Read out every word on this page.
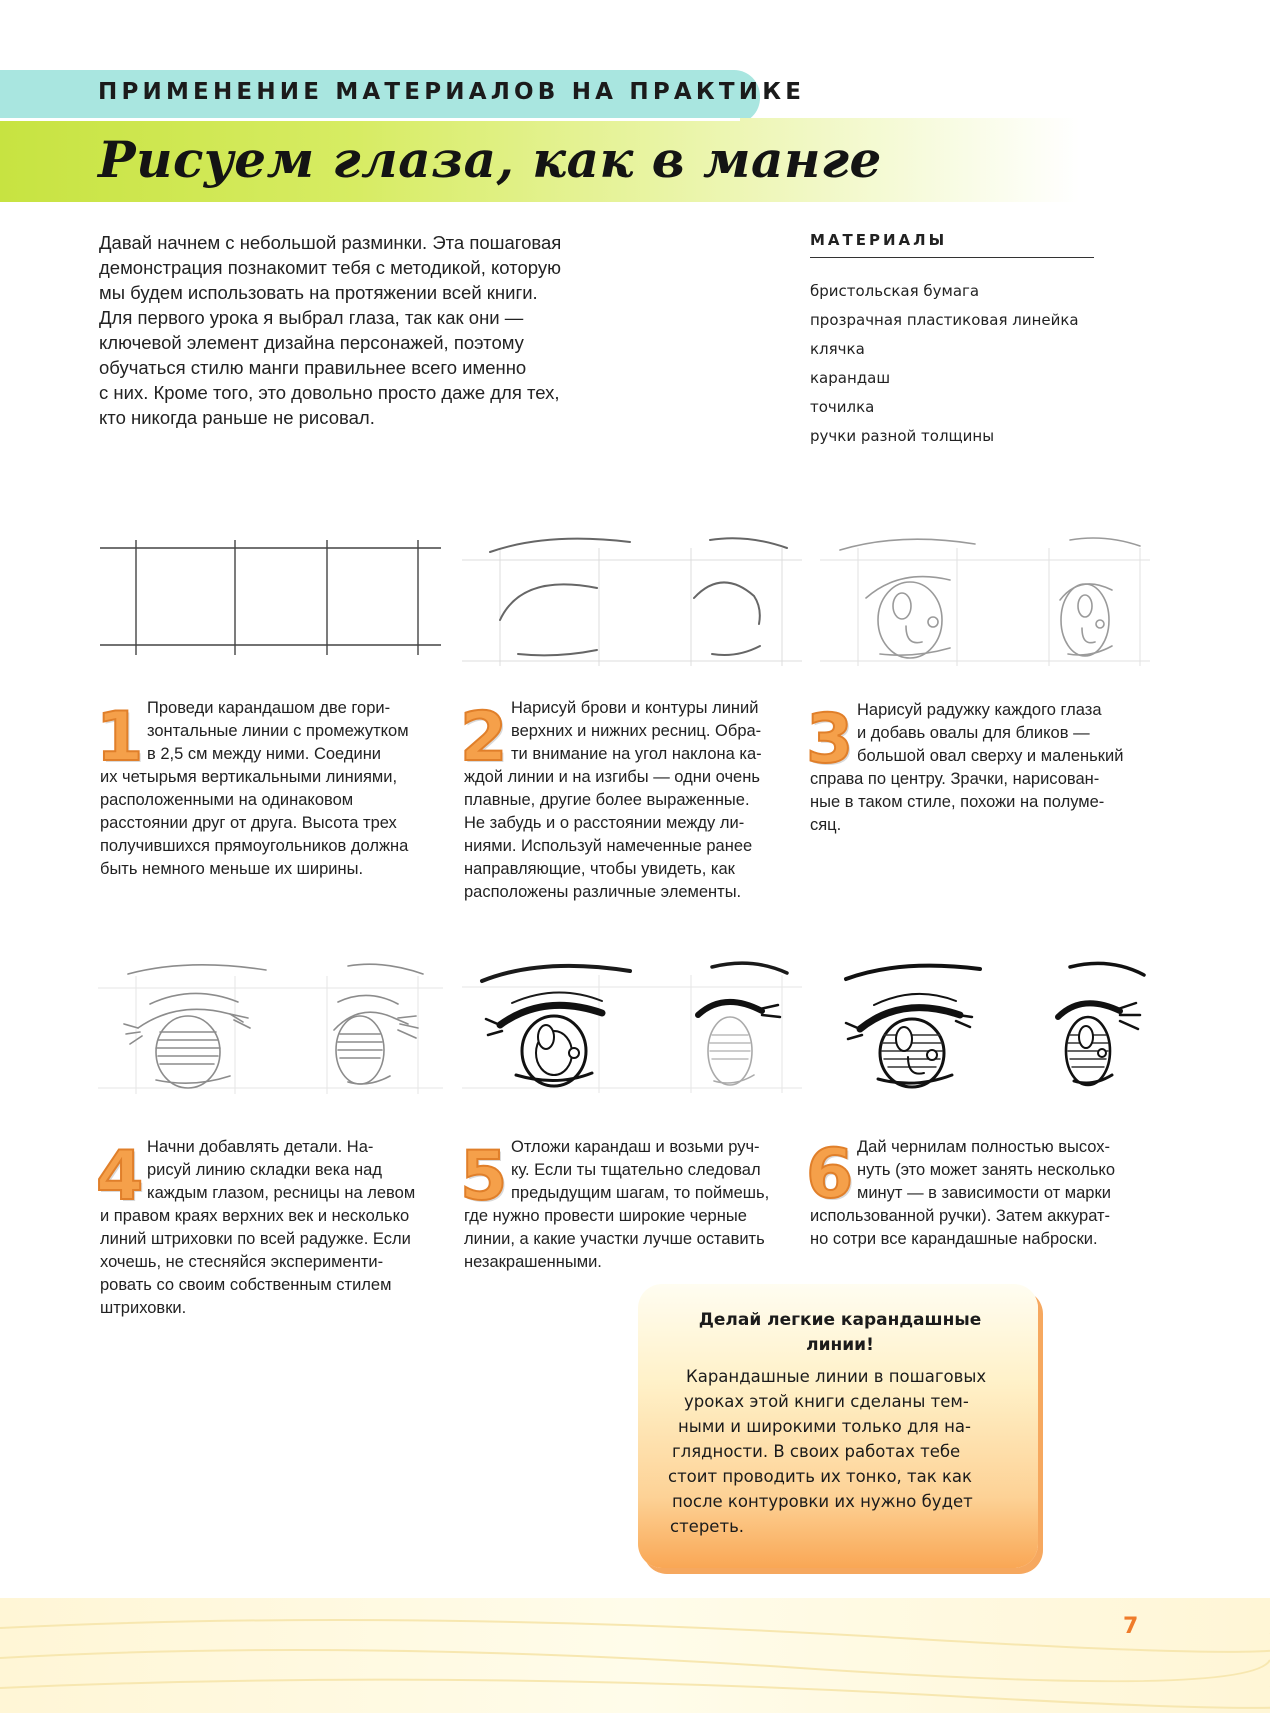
ПРИМЕНЕНИЕ МАТЕРИАЛОВ НА ПРАКТИКЕ
Рисуем глаза, как в манге
Давай начнем с небольшой разминки. Эта пошаговая
демонстрация познакомит тебя с методикой, которую
мы будем использовать на протяжении всей книги.
Для первого урока я выбрал глаза, так как они —
ключевой элемент дизайна персонажей, поэтому
обучаться стилю манги правильнее всего именно
с них. Кроме того, это довольно просто даже для тех,
кто никогда раньше не рисовал.
МАТЕРИАЛЫ
бристольская бумага
прозрачная пластиковая линейка
клячка
карандаш
точилка
ручки разной толщины
1 Проведи карандашом две гори-
зонтальные линии с промежутком
в 2,5 см между ними. Соедини
их четырьмя вертикальными линиями,
расположенными на одинаковом
расстоянии друг от друга. Высота трех
получившихся прямоугольников должна
быть немного меньше их ширины.
2 Нарисуй брови и контуры линий
верхних и нижних ресниц. Обра-
ти внимание на угол наклона ка-
ждой линии и на изгибы — одни очень
плавные, другие более выраженные.
Не забудь и о расстоянии между ли-
ниями. Используй намеченные ранее
направляющие, чтобы увидеть, как
расположены различные элементы.
3 Нарисуй радужку каждого глаза
и добавь овалы для бликов —
большой овал сверху и маленький
справа по центру. Зрачки, нарисован-
ные в таком стиле, похожи на полуме-
сяц.
4 Начни добавлять детали. На-
рисуй линию складки века над
каждым глазом, ресницы на левом
и правом краях верхних век и несколько
линий штриховки по всей радужке. Если
хочешь, не стесняйся эксперименти-
ровать со своим собственным стилем
штриховки.
5 Отложи карандаш и возьми руч-
ку. Если ты тщательно следовал
предыдущим шагам, то поймешь,
где нужно провести широкие черные
линии, а какие участки лучше оставить
незакрашенными.
6 Дай чернилам полностью высох-
нуть (это может занять несколько
минут — в зависимости от марки
использованной ручки). Затем аккурат-
но сотри все карандашные наброски.
Делай легкие карандашные
линии!
Карандашные линии в пошаговых
уроках этой книги сделаны тем-
ными и широкими только для на-
глядности. В своих работах тебе
стоит проводить их тонко, так как
после контуровки их нужно будет
стереть.
7
